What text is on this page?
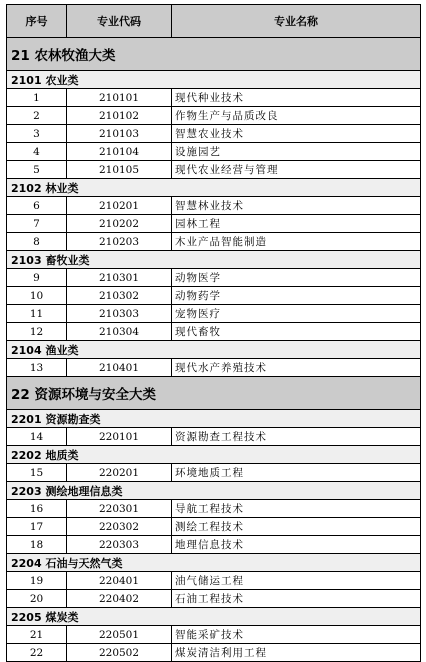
序号	专业代码	专业名称
21 农林牧渔大类		
2101 农业类		
1	210101	现代种业技术
2	210102	作物生产与品质改良
3	210103	智慧农业技术
4	210104	设施园艺
5	210105	现代农业经营与管理
2102 林业类		
6	210201	智慧林业技术
7	210202	园林工程
8	210203	木业产品智能制造
2103 畜牧业类		
9	210301	动物医学
10	210302	动物药学
11	210303	宠物医疗
12	210304	现代畜牧
2104 渔业类		
13	210401	现代水产养殖技术
22 资源环境与安全大类		
2201 资源勘查类		
14	220101	资源勘查工程技术
2202 地质类		
15	220201	环境地质工程
2203 测绘地理信息类		
16	220301	导航工程技术
17	220302	测绘工程技术
18	220303	地理信息技术
2204 石油与天然气类		
19	220401	油气储运工程
20	220402	石油工程技术
2205 煤炭类		
21	220501	智能采矿技术
22	220502	煤炭清洁利用工程
